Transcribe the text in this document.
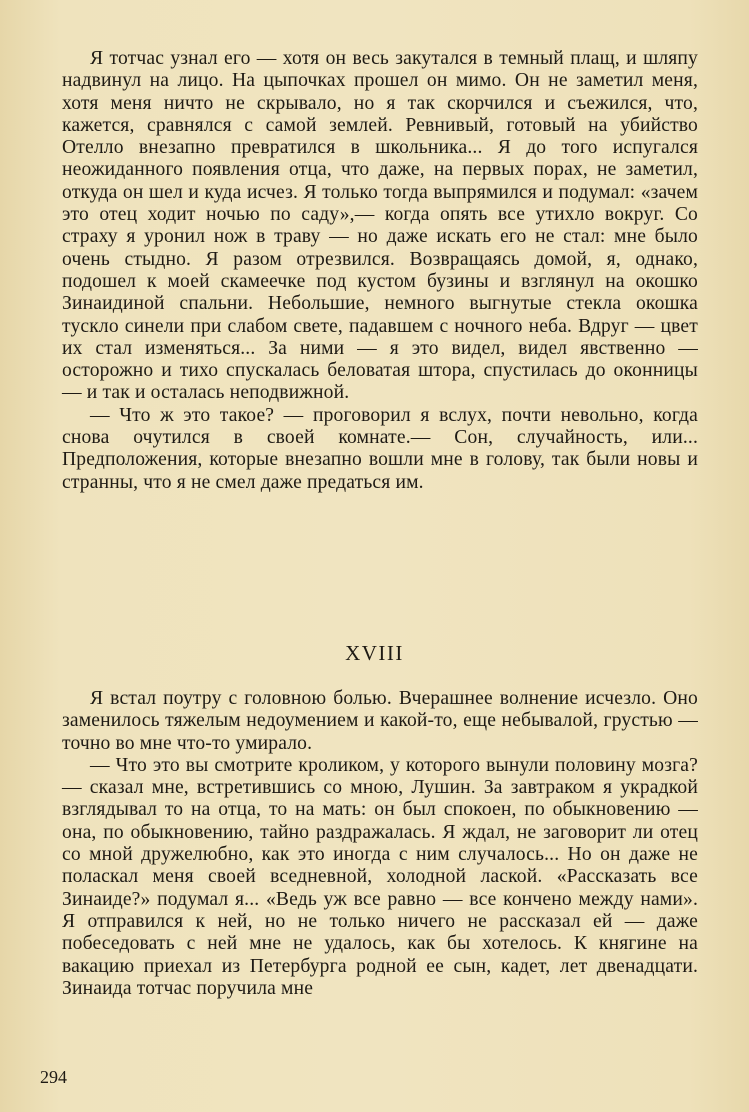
Я тотчас узнал его — хотя он весь закутался в темный плащ, и шляпу надвинул на лицо. На цыпочках прошел он мимо. Он не заметил меня, хотя меня ничто не скрывало, но я так скорчился и съежился, что, кажется, сравнялся с самой землей. Ревнивый, готовый на убийство Отелло внезапно превратился в школьника... Я до того испугался неожиданного появления отца, что даже, на первых порах, не заметил, откуда он шел и куда исчез. Я только тогда выпрямился и подумал: «зачем это отец ходит ночью по саду»,— когда опять все утихло вокруг. Со страху я уронил нож в траву — но даже искать его не стал: мне было очень стыдно. Я разом отрезвился. Возвращаясь домой, я, однако, подошел к моей скамеечке под кустом бузины и взглянул на окошко Зинаидиной спальни. Небольшие, немного выгнутые стекла окошка тускло синели при слабом свете, падавшем с ночного неба. Вдруг — цвет их стал изменяться... За ними — я это видел, видел явственно — осторожно и тихо спускалась беловатая штора, спустилась до оконницы — и так и осталась неподвижной.

— Что ж это такое? — проговорил я вслух, почти невольно, когда снова очутился в своей комнате.— Сон, случайность, или... Предположения, которые внезапно вошли мне в голову, так были новы и странны, что я не смел даже предаться им.

XVIII

Я встал поутру с головною болью. Вчерашнее волнение исчезло. Оно заменилось тяжелым недоумением и какой-то, еще небывалой, грустью — точно во мне что-то умирало.

— Что это вы смотрите кроликом, у которого вынули половину мозга?— сказал мне, встретившись со мною, Лушин. За завтраком я украдкой взглядывал то на отца, то на мать: он был спокоен, по обыкновению — она, по обыкновению, тайно раздражалась. Я ждал, не заговорит ли отец со мной дружелюбно, как это иногда с ним случалось... Но он даже не поласкал меня своей вседневной, холодной лаской. «Рассказать все Зинаиде?» подумал я... «Ведь уж все равно — все кончено между нами». Я отправился к ней, но не только ничего не рассказал ей — даже побеседовать с ней мне не удалось, как бы хотелось. К княгине на вакацию приехал из Петербурга родной ее сын, кадет, лет двенадцати. Зинаида тотчас поручила мне

294
